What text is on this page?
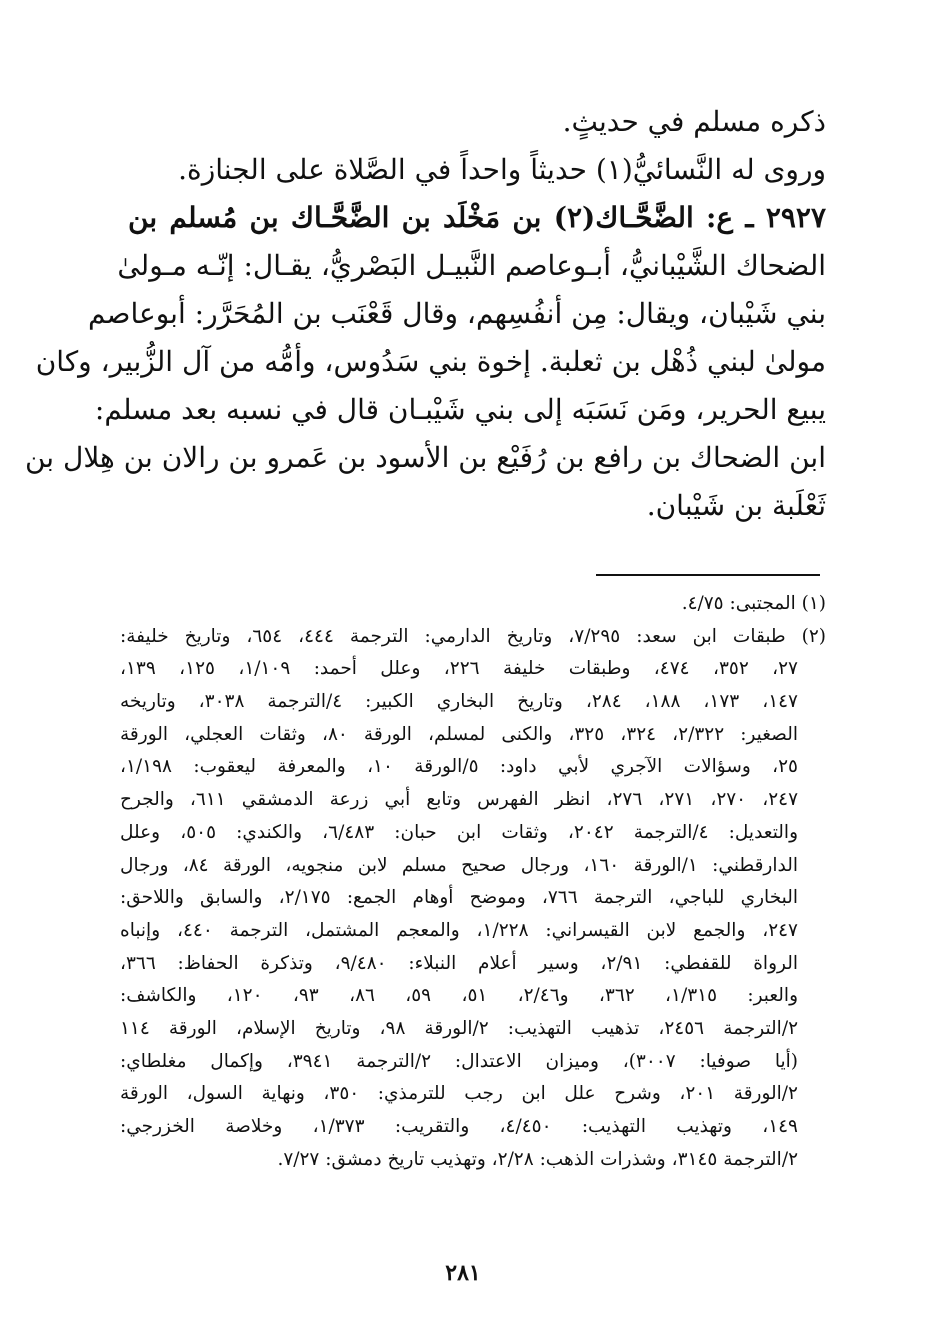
ذكره مسلم في حديثٍ.
وروى له النَّسائيُّ(١) حديثاً واحداً في الصَّلاة على الجنازة.
٢٩٢٧ ـ ع: الضَّحَّـاك(٢) بن مَخْلَد بن الضَّحَّـاك بن مُسلم بن
الضحاك الشَّيْبانيُّ، أبـوعاصم النَّبيـل البَصْريُّ، يقـال: إنّـه مـولىٰ
بني شَيْبان، ويقال: مِن أنفُسِهم، وقال قَعْنَب بن المُحَرَّر: أبوعاصم
مولىٰ لبني ذُهْل بن ثعلبة. إخوة بني سَدُوس، وأمُّه من آل الزُّبير، وكان
يبيع الحرير، ومَن نَسَبَه إلى بني شَيْبـان قال في نسبه بعد مسلم:
ابن الضحاك بن رافع بن رُفَيْع بن الأسود بن عَمرو بن رالان بن هِلال بن
ثَعْلَبة بن شَيْبان.
(١) المجتبى: ٤/٧٥.
(٢) طبقات ابن سعد: ٧/٢٩٥، وتاريخ الدارمي: الترجمة ٤٤٤، ٦٥٤، وتاريخ خليفة:
٢٧، ٣٥٢، ٤٧٤، وطبقات خليفة ٢٢٦، وعلل أحمد: ١/١٠٩، ١٢٥، ١٣٩،
١٤٧، ١٧٣، ١٨٨، ٢٨٤، وتاريخ البخاري الكبير: ٤/الترجمة ٣٠٣٨، وتاريخه
الصغير: ٢/٣٢٢، ٣٢٤، ٣٢٥، والكنى لمسلم، الورقة ٨٠، وثقات العجلي، الورقة
٢٥، وسؤالات الآجري لأبي داود: ٥/الورقة ١٠، والمعرفة ليعقوب: ١/١٩٨،
٢٤٧، ٢٧٠، ٢٧١، ٢٧٦، انظر الفهرس وتابع أبي زرعة الدمشقي ٦١١، والجرح
والتعديل: ٤/الترجمة ٢٠٤٢، وثقات ابن حبان: ٦/٤٨٣، والكندي: ٥٠٥، وعلل
الدارقطني: ١/الورقة ١٦٠، ورجال صحيح مسلم لابن منجويه، الورقة ٨٤، ورجال
البخاري للباجي، الترجمة ٧٦٦، وموضح أوهام الجمع: ٢/١٧٥، والسابق واللاحق:
٢٤٧، والجمع لابن القيسراني: ١/٢٢٨، والمعجم المشتمل، الترجمة ٤٤٠، وإنباه
الرواة للقفطي: ٢/٩١، وسير أعلام النبلاء: ٩/٤٨٠، وتذكرة الحفاظ: ٣٦٦،
والعبر: ١/٣١٥، ٣٦٢، و٢/٤٦، ٥١، ٥٩، ٨٦، ٩٣، ١٢٠، والكاشف:
٢/الترجمة ٢٤٥٦، تذهيب التهذيب: ٢/الورقة ٩٨، وتاريخ الإسلام، الورقة ١١٤
(أيا صوفيا: ٣٠٠٧)، وميزان الاعتدال: ٢/الترجمة ٣٩٤١، وإكمال مغلطاي:
٢/الورقة ٢٠١، وشرح علل ابن رجب للترمذي: ٣٥٠، ونهاية السول، الورقة
١٤٩، وتهذيب التهذيب: ٤/٤٥٠، والتقريب: ١/٣٧٣، وخلاصة الخزرجي:
٢/الترجمة ٣١٤٥، وشذرات الذهب: ٢/٢٨، وتهذيب تاريخ دمشق: ٧/٢٧.
٢٨١
